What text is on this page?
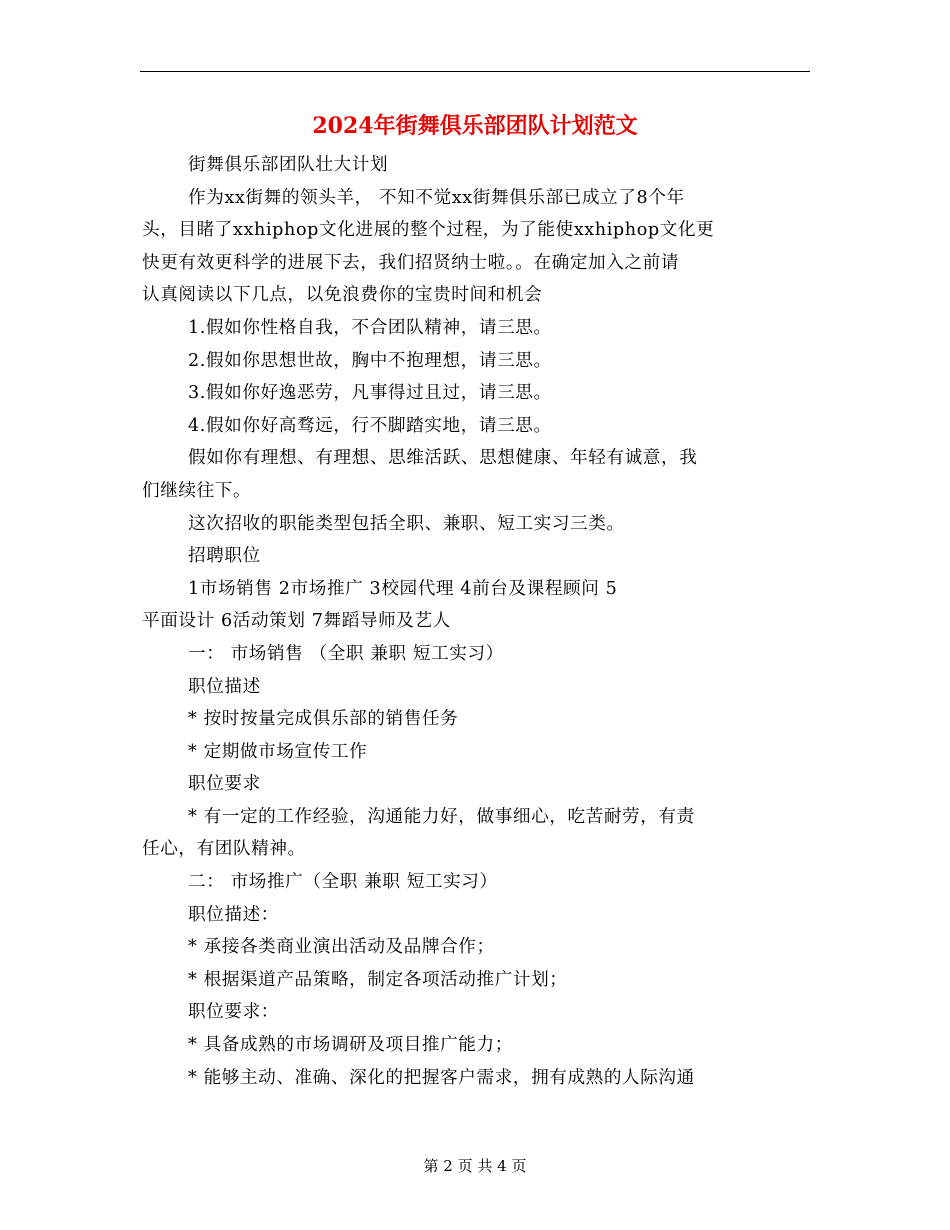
2024年街舞俱乐部团队计划范文

街舞俱乐部团队壮大计划

作为xx街舞的领头羊， 不知不觉xx街舞俱乐部已成立了8个年

头，目睹了xxhiphop文化进展的整个过程，为了能使xxhiphop文化更

快更有效更科学的进展下去，我们招贤纳士啦。。在确定加入之前请

认真阅读以下几点，以免浪费你的宝贵时间和机会

1.假如你性格自我，不合团队精神，请三思。

2.假如你思想世故，胸中不抱理想，请三思。

3.假如你好逸恶劳，凡事得过且过，请三思。

4.假如你好高骛远，行不脚踏实地，请三思。

假如你有理想、有理想、思维活跃、思想健康、年轻有诚意，我

们继续往下。

这次招收的职能类型包括全职、兼职、短工实习三类。

招聘职位

1市场销售 2市场推广 3校园代理 4前台及课程顾问 5

平面设计 6活动策划 7舞蹈导师及艺人

一： 市场销售 （全职 兼职 短工实习）

职位描述

* 按时按量完成俱乐部的销售任务

* 定期做市场宣传工作

职位要求

* 有一定的工作经验，沟通能力好，做事细心，吃苦耐劳，有责

任心，有团队精神。

二： 市场推广（全职 兼职 短工实习）

职位描述：

* 承接各类商业演出活动及品牌合作；

* 根据渠道产品策略，制定各项活动推广计划；

职位要求：

* 具备成熟的市场调研及项目推广能力；

* 能够主动、准确、深化的把握客户需求，拥有成熟的人际沟通

第 2 页 共 4 页
